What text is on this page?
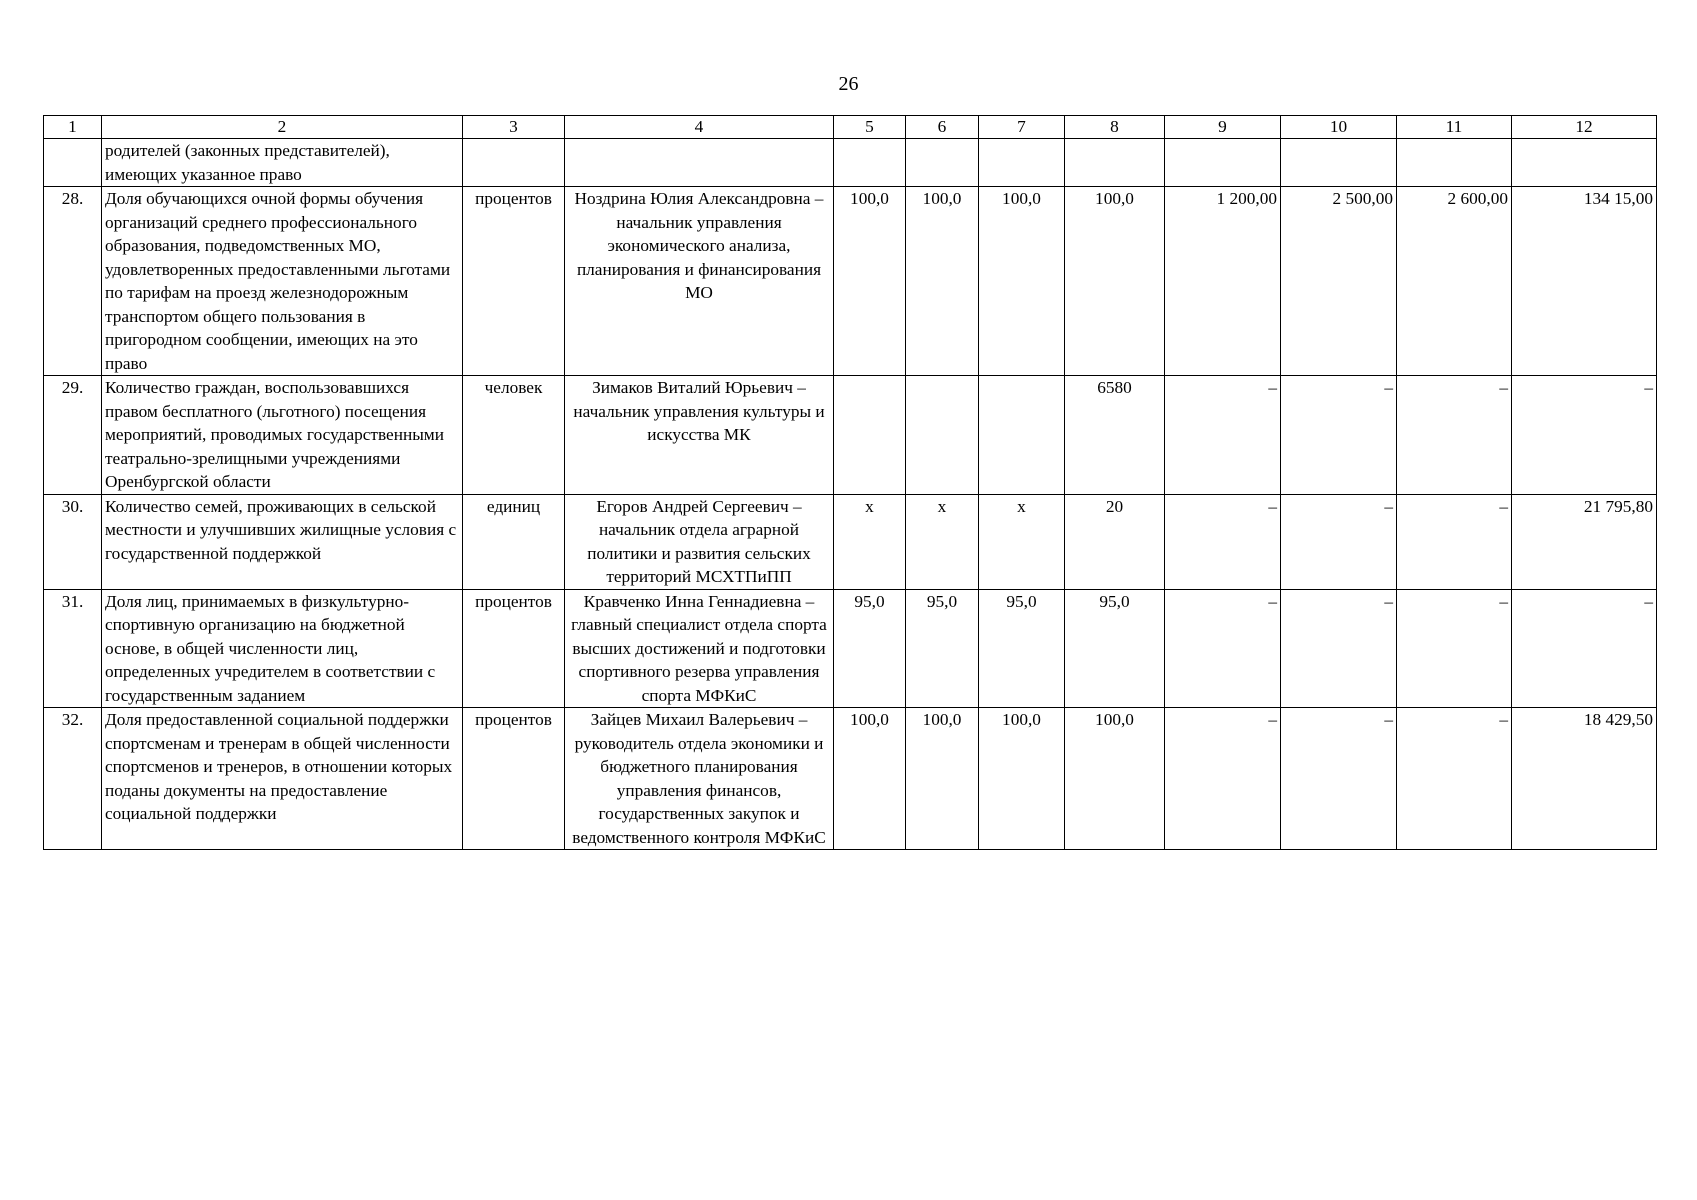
26
1	2	3	4	5	6	7	8	9	10	11	12
	родителей (законных представителей), имеющих указанное право										
28.	Доля обучающихся очной формы обучения организаций среднего профессионального образования, подведомственных МО, удовлетворенных предоставленными льготами по тарифам на проезд железнодорожным транспортом общего пользования в пригородном сообщении, имеющих на это право	процентов	Ноздрина Юлия Александровна – начальник управления экономического анализа, планирования и финансирования МО	100,0	100,0	100,0	100,0	1 200,00	2 500,00	2 600,00	134 15,00
29.	Количество граждан, воспользовавшихся правом бесплатного (льготного) посещения мероприятий, проводимых государственными театрально-зрелищными учреждениями Оренбургской области	человек	Зимаков Виталий Юрьевич – начальник управления культуры и искусства МК				6580	–	–	–	–
30.	Количество семей, проживающих в сельской местности и улучшивших жилищные условия с государственной поддержкой	единиц	Егоров Андрей Сергеевич – начальник отдела аграрной политики и развития сельских территорий МСХТПиПП	х	х	х	20	–	–	–	21 795,80
31.	Доля лиц, принимаемых в физкультурно-спортивную организацию на бюджетной основе, в общей численности лиц, определенных учредителем в соответствии с государственным заданием	процентов	Кравченко Инна Геннадиевна – главный специалист отдела спорта высших достижений и подготовки спортивного резерва управления спорта МФКиС	95,0	95,0	95,0	95,0	–	–	–	–
32.	Доля предоставленной социальной поддержки спортсменам и тренерам в общей численности спортсменов и тренеров, в отношении которых поданы документы на предоставление социальной поддержки	процентов	Зайцев Михаил Валерьевич – руководитель отдела экономики и бюджетного планирования управления финансов, государственных закупок и ведомственного контроля МФКиС	100,0	100,0	100,0	100,0	–	–	–	18 429,50
